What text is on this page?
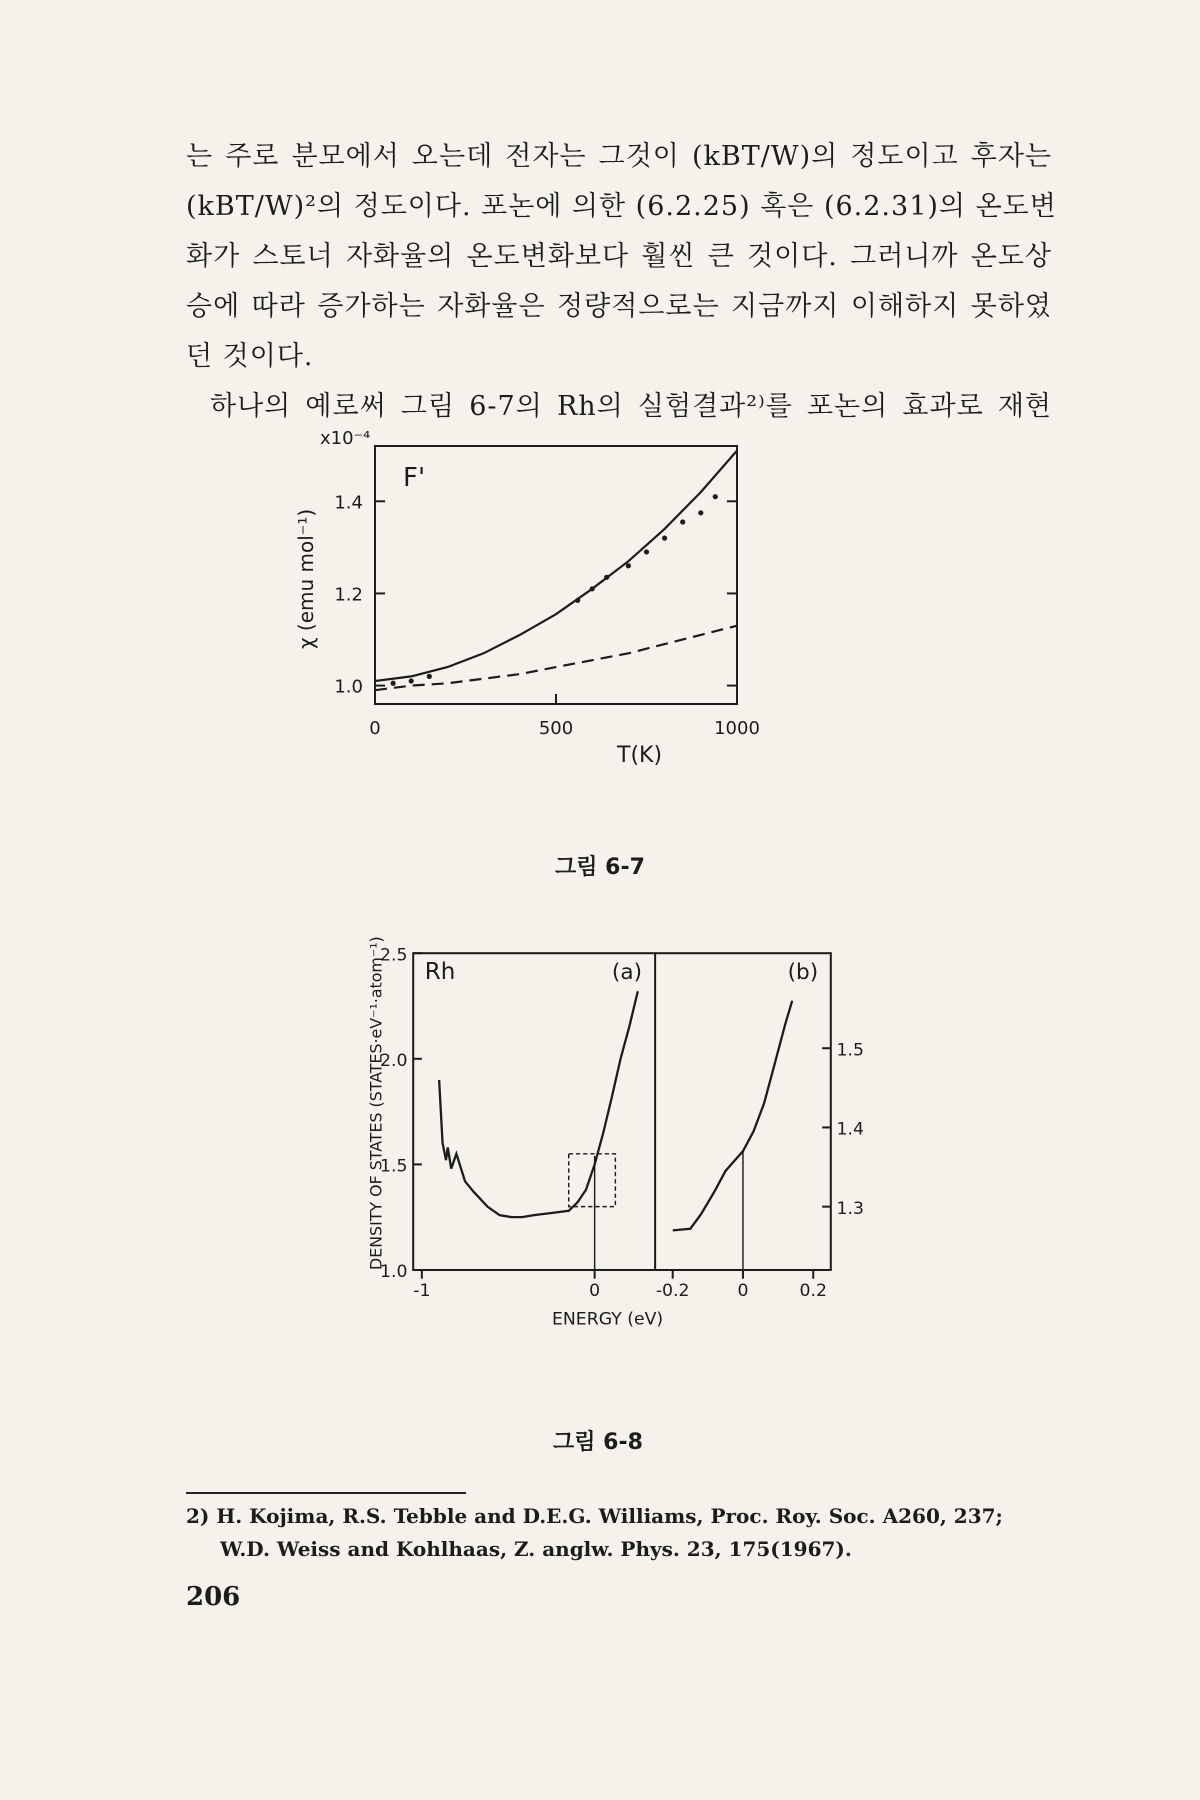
는 주로 분모에서 오는데 전자는 그것이 (kBT/W)의 정도이고 후자는
(kBT/W)²의 정도이다. 포논에 의한 (6.2.25) 혹은 (6.2.31)의 온도변
화가 스토너 자화율의 온도변화보다 훨씬 큰 것이다. 그러니까 온도상
승에 따라 증가하는 자화율은 정량적으로는 지금까지 이해하지 못하였
던 것이다.
하나의 예로써 그림 6-7의 Rh의 실험결과²⁾를 포논의 효과로 재현
1.0
1.2
1.4
0	500	1000
x10⁻⁴
T(K)
χ (emu mol⁻¹)
F'
그림 6-7
1.0
1.5
2.0
2.5
-1	0
1.3
1.4
1.5
-0.2	0	0.2
Rh	(a)	(b)
ENERGY (eV)
DENSITY OF STATES (STATES·eV⁻¹·atom⁻¹)
그림 6-8
2) H. Kojima, R.S. Tebble and D.E.G. Williams, Proc. Roy. Soc. A260, 237;
W.D. Weiss and Kohlhaas, Z. anglw. Phys. 23, 175(1967).
206
